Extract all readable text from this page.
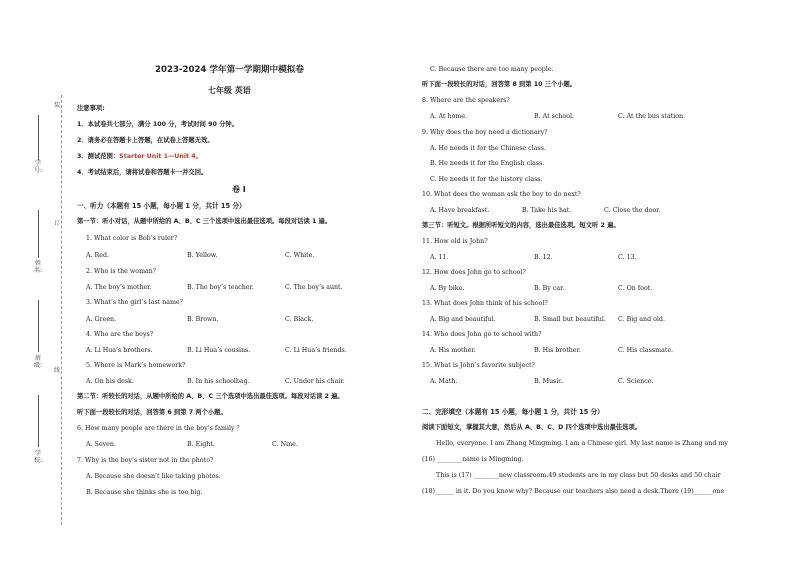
学号:
姓名:
班级:
学校:
装
订
线
2023-2024 学年第一学期期中模拟卷
七年级 英语
注意事项:
1．本试卷共七部分，满分 100 分，考试时间 90 分钟。
2．请务必在答题卡上答题，在试卷上答题无效。
3．测试范围：Starter Unit 1—Unit 4。
4．考试结束后，请将试卷和答题卡一并交回。
卷 I
一、听力（本题有 15 小题，每小题 1 分，共计 15 分）
第一节：听小对话，从题中所给的 A、B、C 三个选项中选出最佳选项。每段对话读 1 遍。
1. What color is Bob’s ruler?
A. Red.	B. Yellow.	C. White.
2. Who is the woman？
A. The boy’s mother.	B. The boy’s teacher.	C. The boy’s aunt.
3. What’s the girl’s last name？
A. Green.	B. Brown.	C. Black.
4. Who are the boys?
A. Li Hua’s brothers.	B. Li Hua’s cousins.	C. Li Hua’s friends.
5. Where is Mark’s homework?
A. On his desk.	B. In his schoolbag.	C. Under his chair.
第二节：听较长的对话，从题中所给的 A、B、C 三个选项中选出最佳选项。每段对话读 2 遍。
听下面一段较长的对话，回答第 6 到第 7 两个小题。
6. How many people are there in the boy’s family ？
A. Seven.	B. Eight.	C. Nine.
7. Why is the boy’s sister not in the photo?
A. Because she doesn’t like taking photos.
B. Because she thinks she is too big.
C. Because there are too many people.
听下面一段较长的对话，回答第 8 到第 10 三个小题。
8. Where are the speakers?
A. At home.	B. At school.	C. At the bus station.
9. Why does the boy need a dictionary?
A. He needs it for the Chinese class.
B. He needs it for the English class.
C. He needs it for the history class.
10. What does the woman ask the boy to do next?
A. Have breakfast.	B. Take his hat.	C. Close the door.
第三节：听短文。根据所听短文的内容，选出最佳选项。短文听 2 遍。
11. How old is John?
A. 11.	B. 12.	C. 13.
12. How does John go to school?
A. By bike.	B. By car.	C. On foot.
13. What does John think of his school?
A. Big and beautiful.	B. Small but beautiful. C. Big and old.
14. Who does John go to school with?
A. His mother.	B. His brother.	C. His classmate.
15. What is John’s favorite subject?
A. Math.	B. Music.	C. Science.
二、完形填空（本题有 15 小题，每小题 1 分，共计 15 分）
阅读下面短文，掌握其大意，然后从 A、B、C、D 四个选项中选出最佳选项。
Hello, everyone. I am Zhang Mingming. I am a Chinese girl. My last name is Zhang and my
(16) ________name is Mingming.
This is (17) ________new classroom.49 students are in my class but 50 desks and 50 chair
(18)______ in it. Do you know why? Because our teachers also need a desk.There (19)______one
